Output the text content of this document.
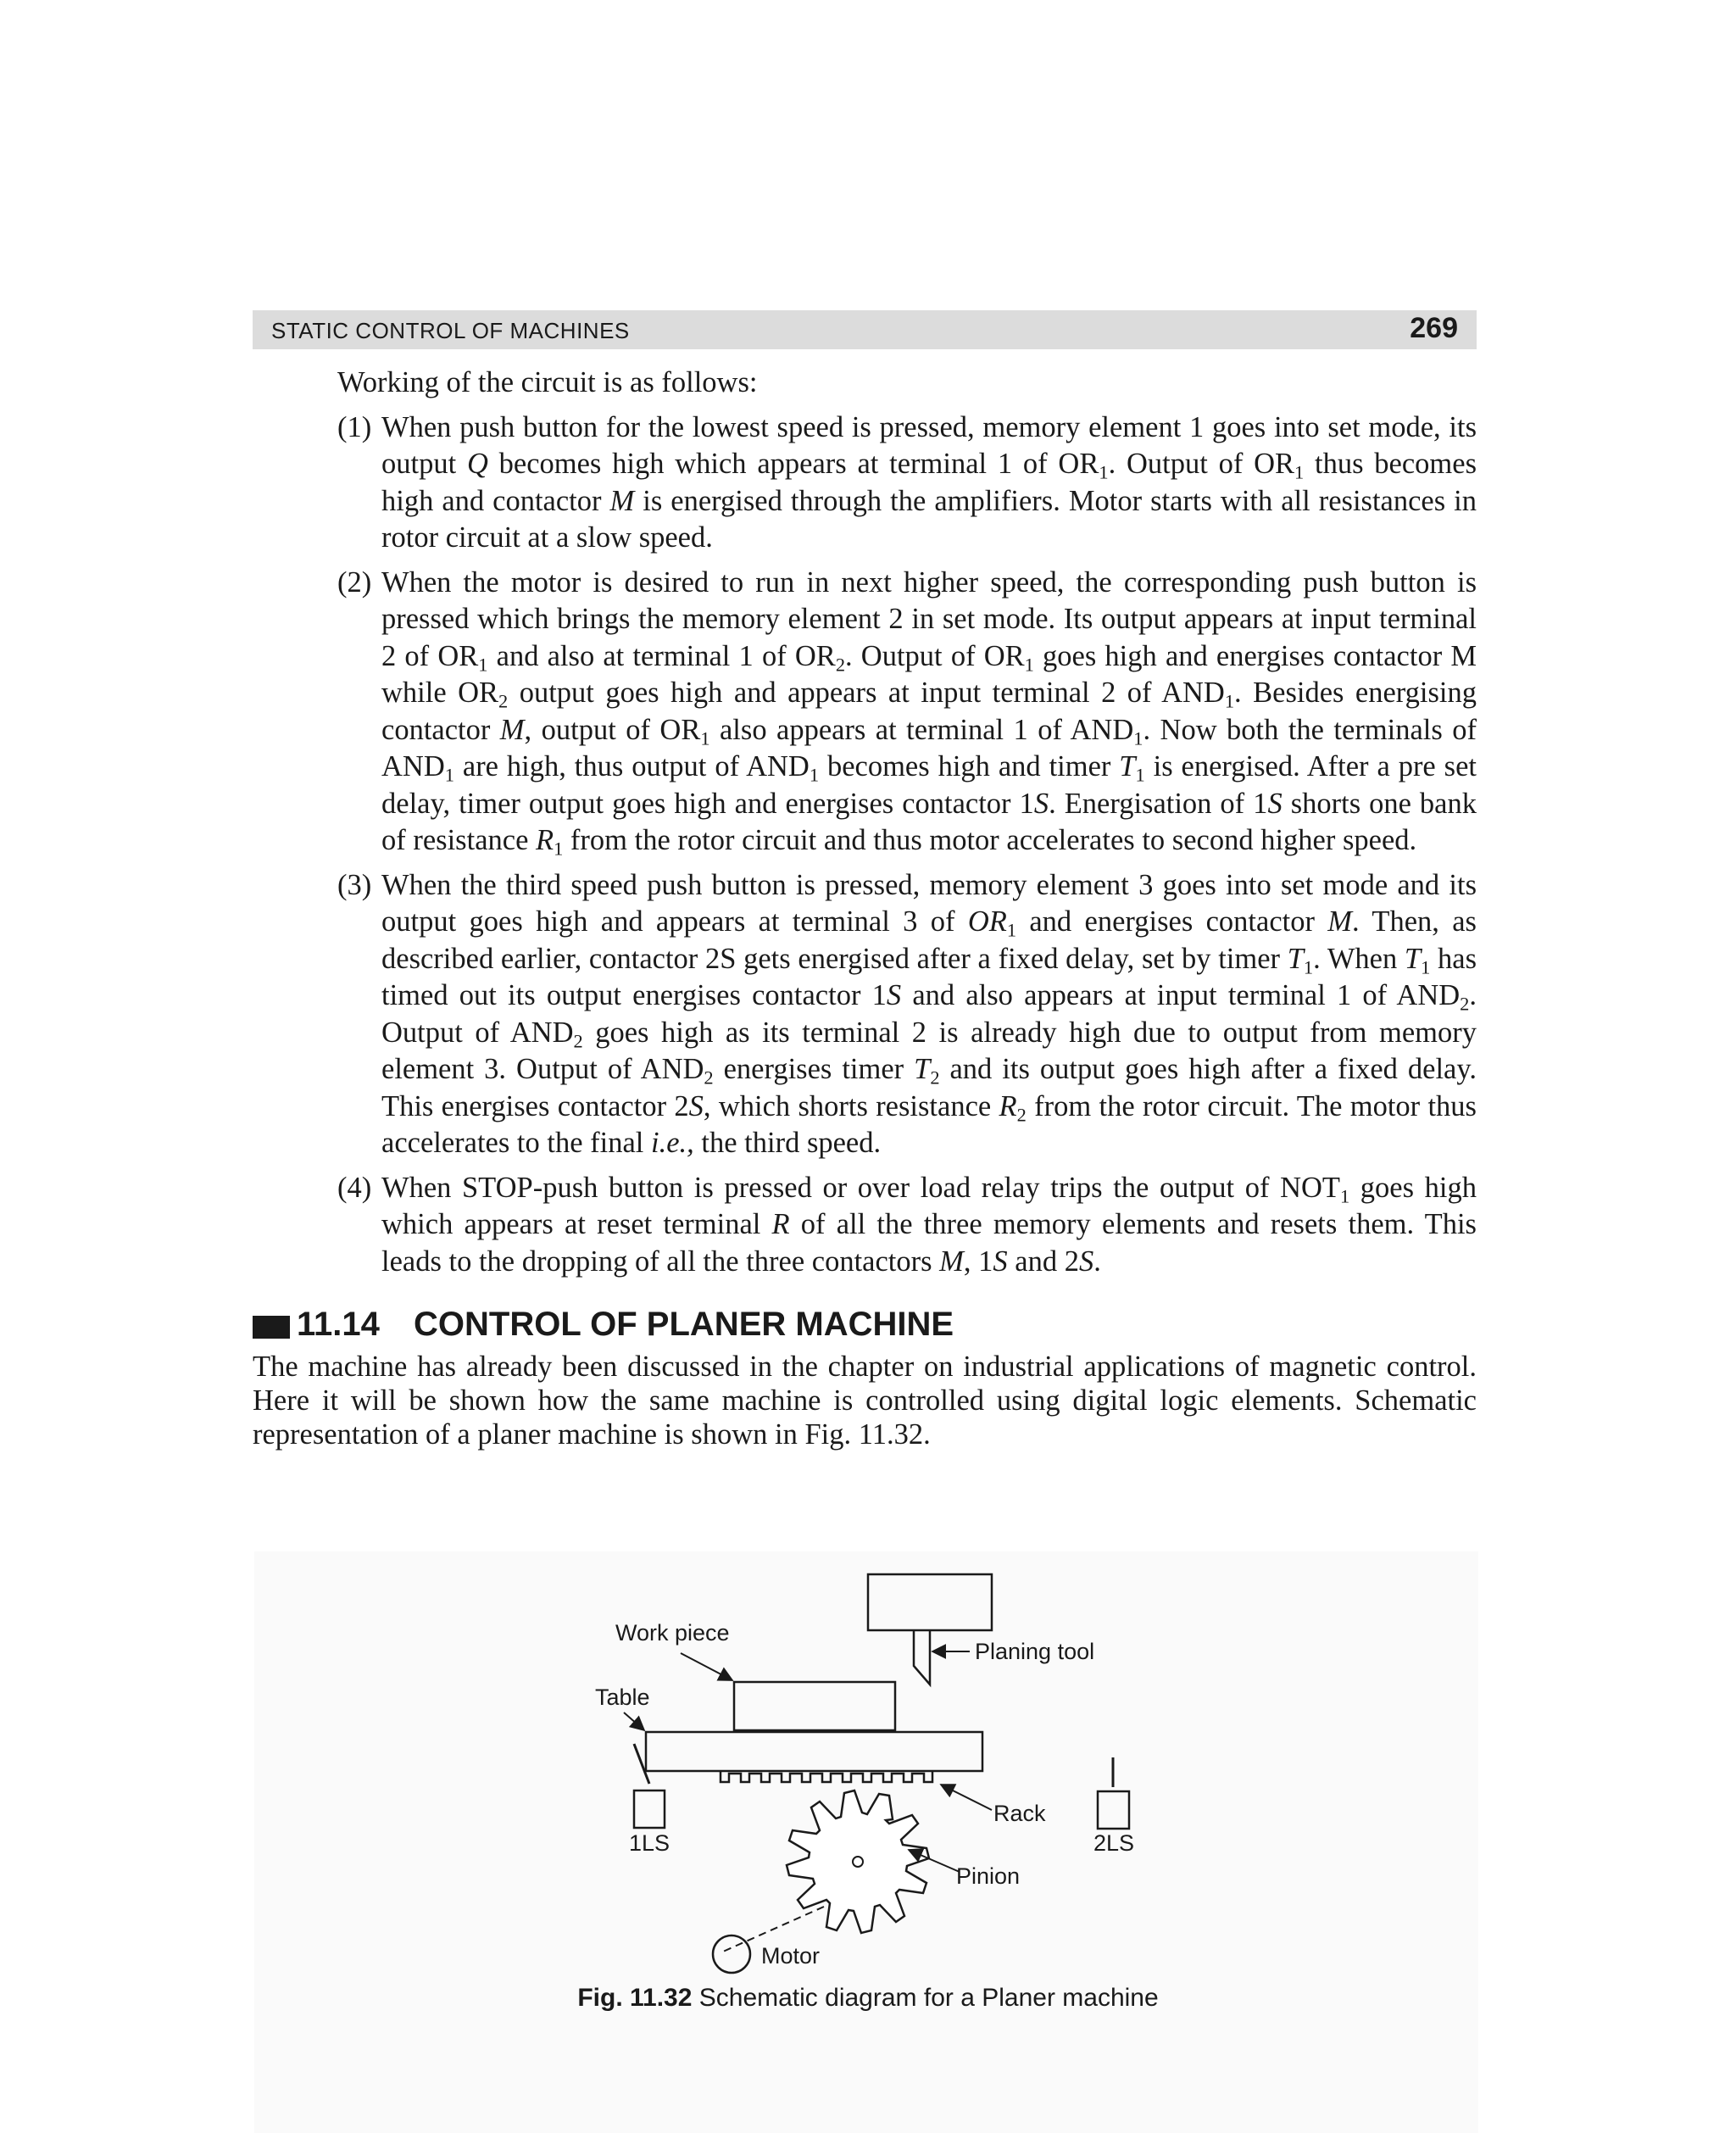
STATIC CONTROL OF MACHINES	269

Working of the circuit is as follows:

(1) When push button for the lowest speed is pressed, memory element 1 goes into set mode, its output Q becomes high which appears at terminal 1 of $OR_1$. Output of $OR_1$ thus becomes high and contactor M is energised through the amplifiers. Motor starts with all resistances in rotor circuit at a slow speed.
(2) When the motor is desired to run in next higher speed, the corresponding push button is pressed which brings the memory element 2 in set mode. Its output appears at input terminal 2 of $OR_1$ and also at terminal 1 of $OR_2$. Output of $OR_1$ goes high and energises contactor M while $OR_2$ output goes high and appears at input terminal 2 of $AND_1$. Besides energising contactor M, output of $OR_1$ also appears at terminal 1 of $AND_1$. Now both the terminals of $AND_1$ are high, thus output of $AND_1$ becomes high and timer $T_1$ is energised. After a pre set delay, timer output goes high and energises contactor 1S. Energisation of 1S shorts one bank of resistance $R_1$ from the rotor circuit and thus motor accelerates to second higher speed.
(3) When the third speed push button is pressed, memory element 3 goes into set mode and its output goes high and appears at terminal 3 of $OR_1$ and energises contactor M. Then, as described earlier, contactor 2S gets energised after a fixed delay, set by timer $T_1$. When $T_1$ has timed out its output energises contactor 1S and also appears at input terminal 1 of $AND_2$. Output of $AND_2$ goes high as its terminal 2 is already high due to output from memory element 3. Output of $AND_2$ energises timer $T_2$ and its output goes high after a fixed delay. This energises contactor 2S, which shorts resistance $R_2$ from the rotor circuit. The motor thus accelerates to the final i.e., the third speed.
(4) When STOP-push button is pressed or over load relay trips the output of $NOT_1$ goes high which appears at reset terminal R of all the three memory elements and resets them. This leads to the dropping of all the three contactors M, 1S and 2S.
11.14 CONTROL OF PLANER MACHINE

The machine has already been discussed in the chapter on industrial applications of magnetic control. Here it will be shown how the same machine is controlled using digital logic elements. Schematic representation of a planer machine is shown in Fig. 11.32.

Planing tool
Work piece
Table
Rack
Pinion
Motor
1LS	2LS
Fig. 11.32 Schematic diagram for a Planer machine
